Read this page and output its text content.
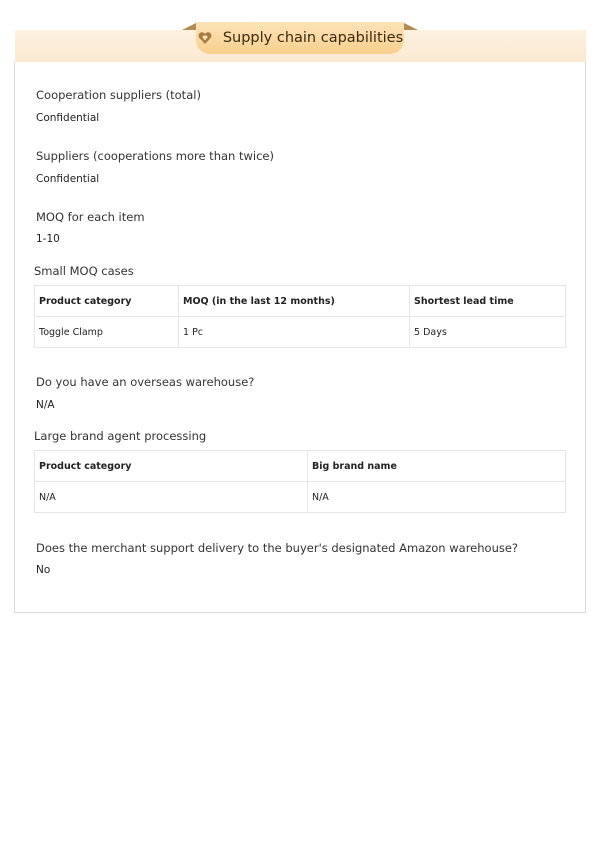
Supply chain capabilities
Cooperation suppliers (total)
Confidential
Suppliers (cooperations more than twice)
Confidential
MOQ for each item
1-10
Small MOQ cases
Product category	MOQ (in the last 12 months)	Shortest lead time
Toggle Clamp	1 Pc	5 Days
Do you have an overseas warehouse?
N/A
Large brand agent processing
Product category	Big brand name
N/A	N/A
Does the merchant support delivery to the buyer's designated Amazon warehouse?
No
